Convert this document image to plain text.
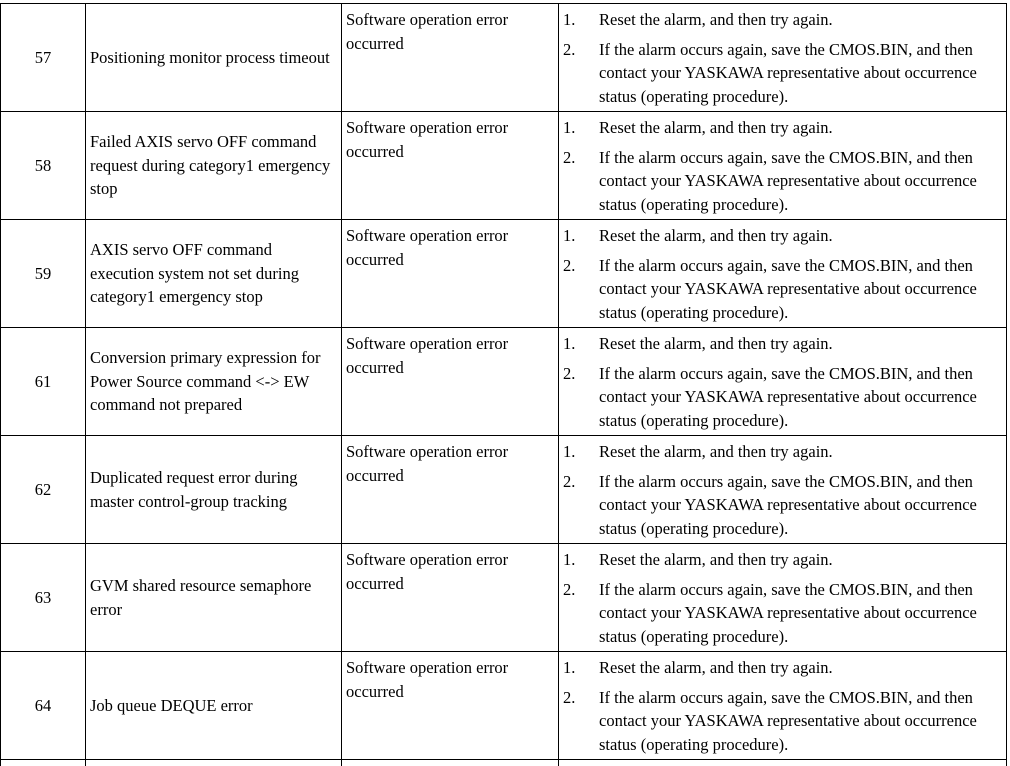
57	Positioning monitor process timeout	Software operation error occurred	1. Reset the alarm, and then try again.
2. If the alarm occurs again, save the CMOS.BIN, and then contact your YASKAWA representative about occurrence status (operating procedure).

58	Failed AXIS servo OFF command request during category1 emergency stop	Software operation error occurred	1. Reset the alarm, and then try again.
2. If the alarm occurs again, save the CMOS.BIN, and then contact your YASKAWA representative about occurrence status (operating procedure).

59	AXIS servo OFF command execution system not set during category1 emergency stop	Software operation error occurred	1. Reset the alarm, and then try again.
2. If the alarm occurs again, save the CMOS.BIN, and then contact your YASKAWA representative about occurrence status (operating procedure).

61	Conversion primary expression for Power Source command <-> EW command not prepared	Software operation error occurred	1. Reset the alarm, and then try again.
2. If the alarm occurs again, save the CMOS.BIN, and then contact your YASKAWA representative about occurrence status (operating procedure).

62	Duplicated request error during master control-group tracking	Software operation error occurred	1. Reset the alarm, and then try again.
2. If the alarm occurs again, save the CMOS.BIN, and then contact your YASKAWA representative about occurrence status (operating procedure).

63	GVM shared resource semaphore error	Software operation error occurred	1. Reset the alarm, and then try again.
2. If the alarm occurs again, save the CMOS.BIN, and then contact your YASKAWA representative about occurrence status (operating procedure).

64	Job queue DEQUE error	Software operation error occurred	1. Reset the alarm, and then try again.
2. If the alarm occurs again, save the CMOS.BIN, and then contact your YASKAWA representative about occurrence status (operating procedure).
